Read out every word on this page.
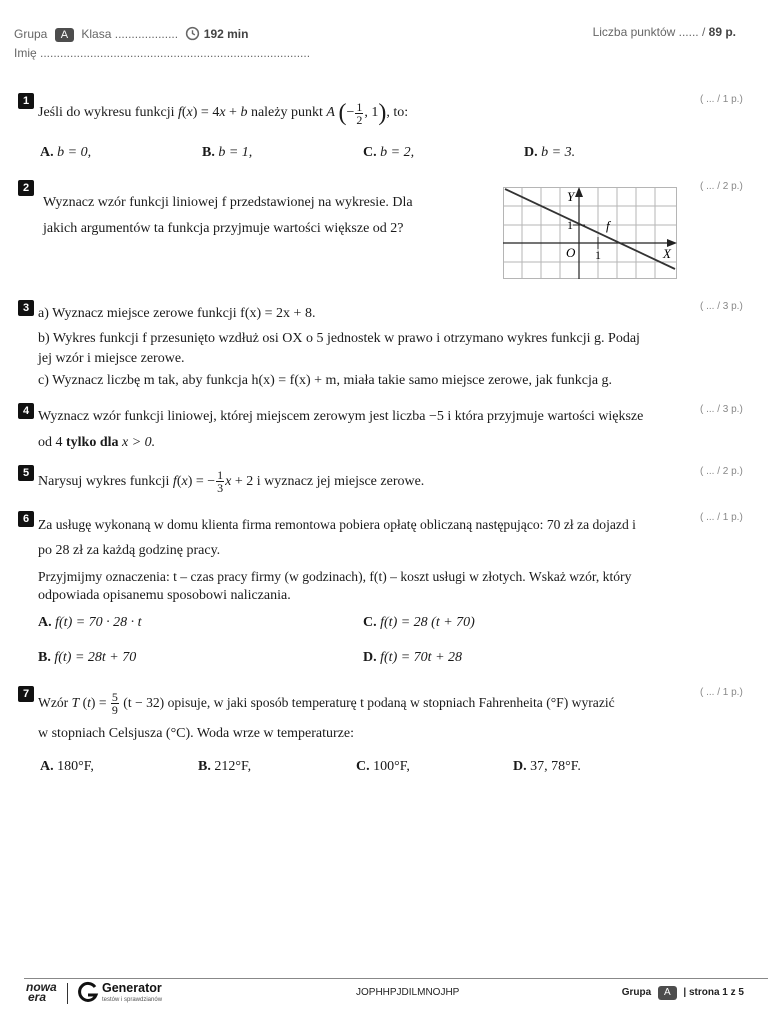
Grupa A Klasa ................... 192 min
Imię .................................................................................
Liczba punktów ...... / 89 p.
1	( ... / 1 p.)
Jeśli do wykresu funkcji f(x) = 4x + b należy punkt A (− $\frac{1}{2}$ , 1), to:
A. b = 0,	B. b = 1,	C. b = 2,	D. b = 3.
2	( ... / 2 p.)
Wyznacz wzór funkcji liniowej f przedstawionej na wykresie. Dla
jakich argumentów ta funkcja przyjmuje wartości większe od 2?
Y
X
O 1
1	f
3	( ... / 3 p.)
a) Wyznacz miejsce zerowe funkcji f(x) = 2x + 8.
b) Wykres funkcji f przesunięto wzdłuż osi OX o 5 jednostek w prawo i otrzymano wykres funkcji g. Podaj
jej wzór i miejsce zerowe.
c) Wyznacz liczbę m tak, aby funkcja h(x) = f(x) + m, miała takie samo miejsce zerowe, jak funkcja g.
4	( ... / 3 p.)
Wyznacz wzór funkcji liniowej, której miejscem zerowym jest liczba −5 i która przyjmuje wartości większe
od 4 tylko dla x > 0.
5	( ... / 2 p.)
Narysuj wykres funkcji f(x) = − $\frac{1}{3}$ x + 2 i wyznacz jej miejsce zerowe.
6	( ... / 1 p.)
Za usługę wykonaną w domu klienta firma remontowa pobiera opłatę obliczaną następująco: 70 zł za dojazd i
po 28 zł za każdą godzinę pracy.
Przyjmijmy oznaczenia: t – czas pracy firmy (w godzinach), f(t) – koszt usługi w złotych. Wskaż wzór, który
odpowiada opisanemu sposobowi naliczania.
A. f(t) = 70 · 28 · t	C. f(t) = 28 (t + 70)
B. f(t) = 28t + 70	D. f(t) = 70t + 28
7	( ... / 1 p.)
Wzór T $(t) = \frac{5}{9} (t - 32)$ opisuje, w jaki sposób temperaturę t podaną w stopniach Fahrenheita (°F) wyrazić
w stopniach Celsjusza (°C). Woda wrze w temperaturze:
A. 180°F,	B. 212°F,	C. 100°F,	D. 37, 78°F.
nowa
era
Generator
testów i sprawdzianów
JOPHHPJDILMNOJHP	Grupa A | strona 1 z 5
